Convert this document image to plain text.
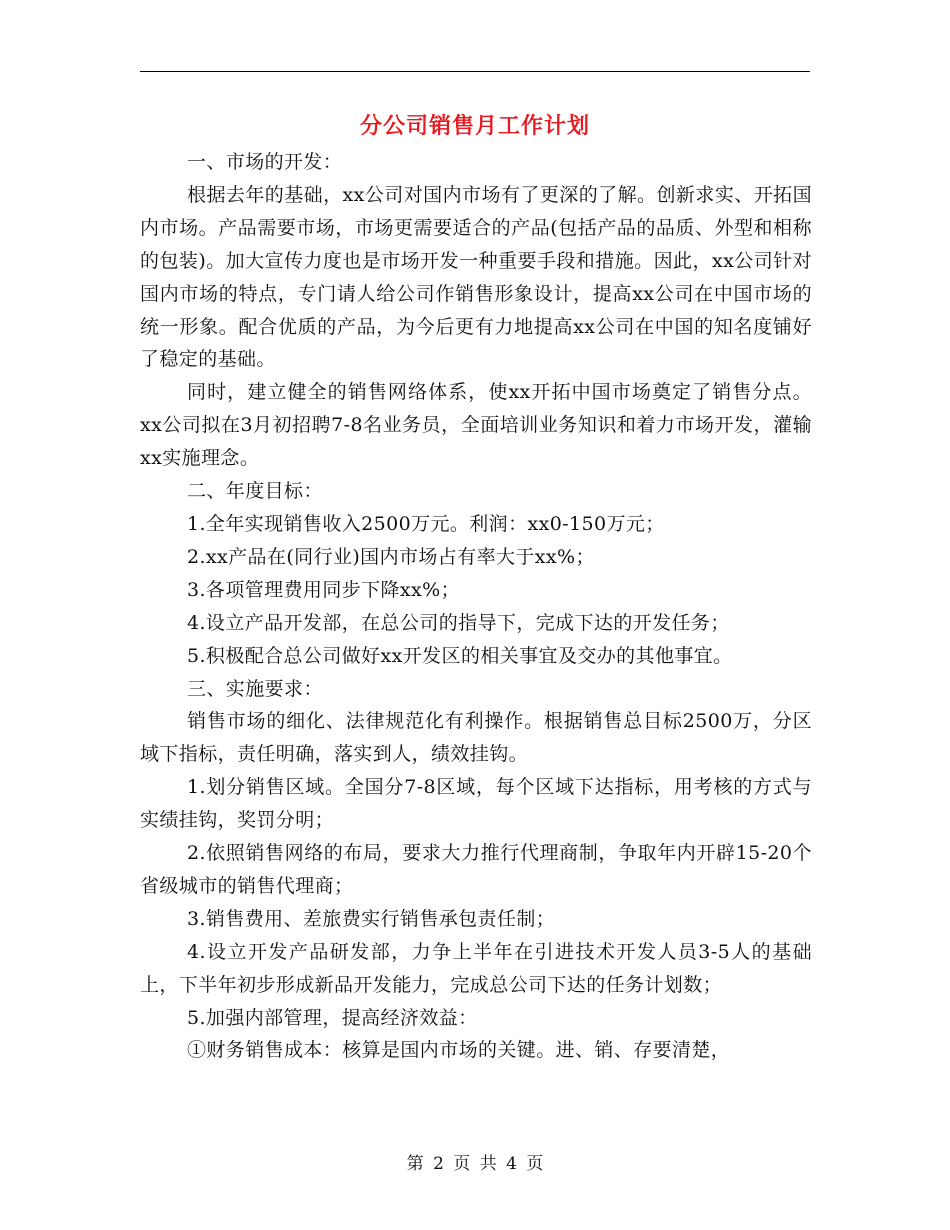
分公司销售月工作计划

一、市场的开发：

根据去年的基础，xx公司对国内市场有了更深的了解。创新求实、开拓国内市场。产品需要市场，市场更需要适合的产品(包括产品的品质、外型和相称的包装)。加大宣传力度也是市场开发一种重要手段和措施。因此，xx公司针对国内市场的特点，专门请人给公司作销售形象设计，提高xx公司在中国市场的统一形象。配合优质的产品，为今后更有力地提高xx公司在中国的知名度铺好了稳定的基础。

同时，建立健全的销售网络体系，使xx开拓中国市场奠定了销售分点。xx公司拟在3月初招聘7-8名业务员，全面培训业务知识和着力市场开发，灌输xx实施理念。

二、年度目标：

1.全年实现销售收入2500万元。利润：xx0-150万元；

2.xx产品在(同行业)国内市场占有率大于xx%；

3.各项管理费用同步下降xx%；

4.设立产品开发部，在总公司的指导下，完成下达的开发任务；

5.积极配合总公司做好xx开发区的相关事宜及交办的其他事宜。

三、实施要求：

销售市场的细化、法律规范化有利操作。根据销售总目标2500万，分区域下指标，责任明确，落实到人，绩效挂钩。

1.划分销售区域。全国分7-8区域，每个区域下达指标，用考核的方式与实绩挂钩，奖罚分明；

2.依照销售网络的布局，要求大力推行代理商制，争取年内开辟15-20个省级城市的销售代理商；

3.销售费用、差旅费实行销售承包责任制；

4.设立开发产品研发部，力争上半年在引进技术开发人员3-5人的基础上，下半年初步形成新品开发能力，完成总公司下达的任务计划数；

5.加强内部管理，提高经济效益：

①财务销售成本：核算是国内市场的关键。进、销、存要清楚，

第 2 页 共 4 页
